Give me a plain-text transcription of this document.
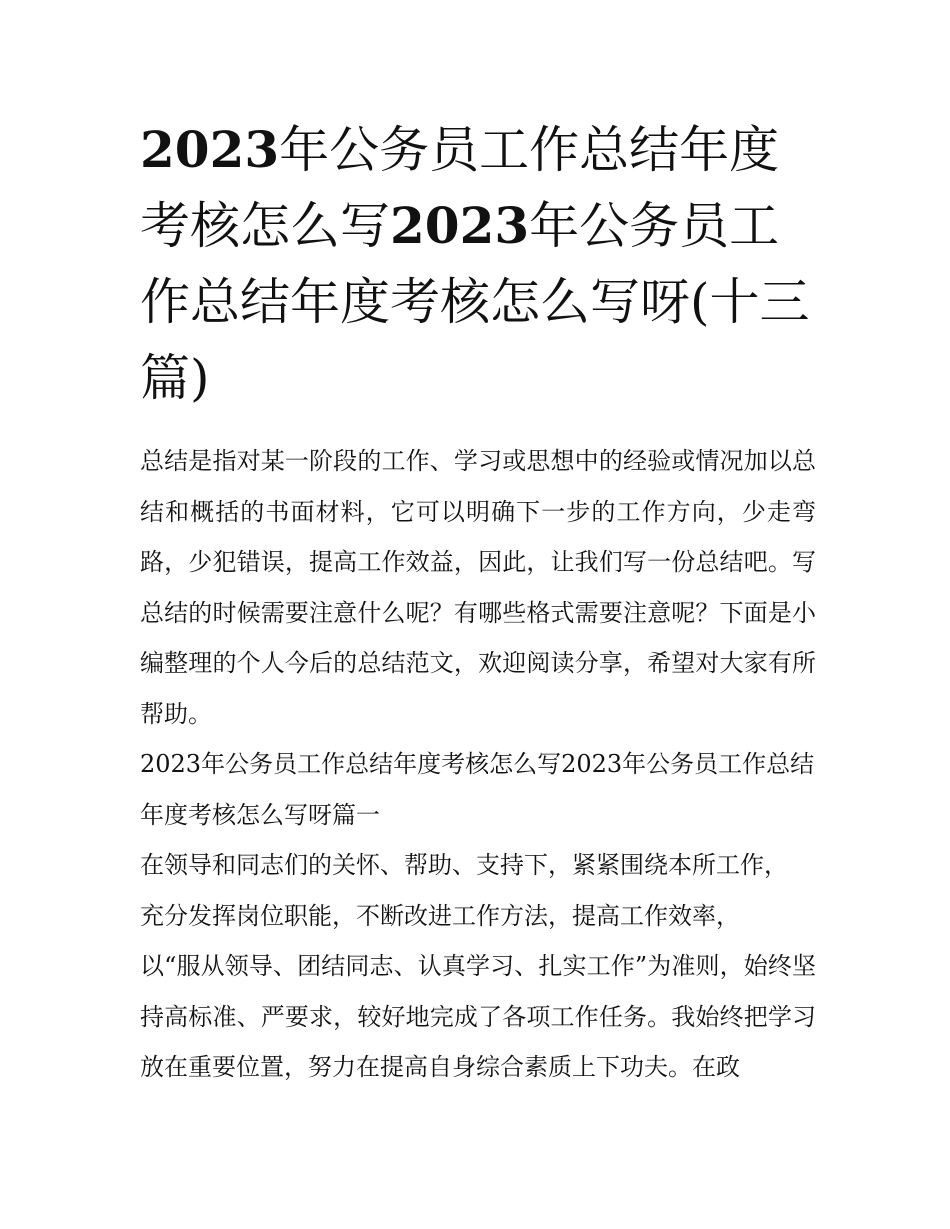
2023年公务员工作总结年度考核怎么写2023年公务员工作总结年度考核怎么写呀(十三篇)

总结是指对某一阶段的工作、学习或思想中的经验或情况加以总结和概括的书面材料，它可以明确下一步的工作方向，少走弯路，少犯错误，提高工作效益，因此，让我们写一份总结吧。写总结的时候需要注意什么呢？有哪些格式需要注意呢？下面是小编整理的个人今后的总结范文，欢迎阅读分享，希望对大家有所帮助。

2023年公务员工作总结年度考核怎么写2023年公务员工作总结年度考核怎么写呀篇一

在领导和同志们的关怀、帮助、支持下，紧紧围绕本所工作，

充分发挥岗位职能，不断改进工作方法，提高工作效率，

以“服从领导、团结同志、认真学习、扎实工作”为准则，始终坚持高标准、严要求，较好地完成了各项工作任务。我始终把学习放在重要位置，努力在提高自身综合素质上下功夫。在政
